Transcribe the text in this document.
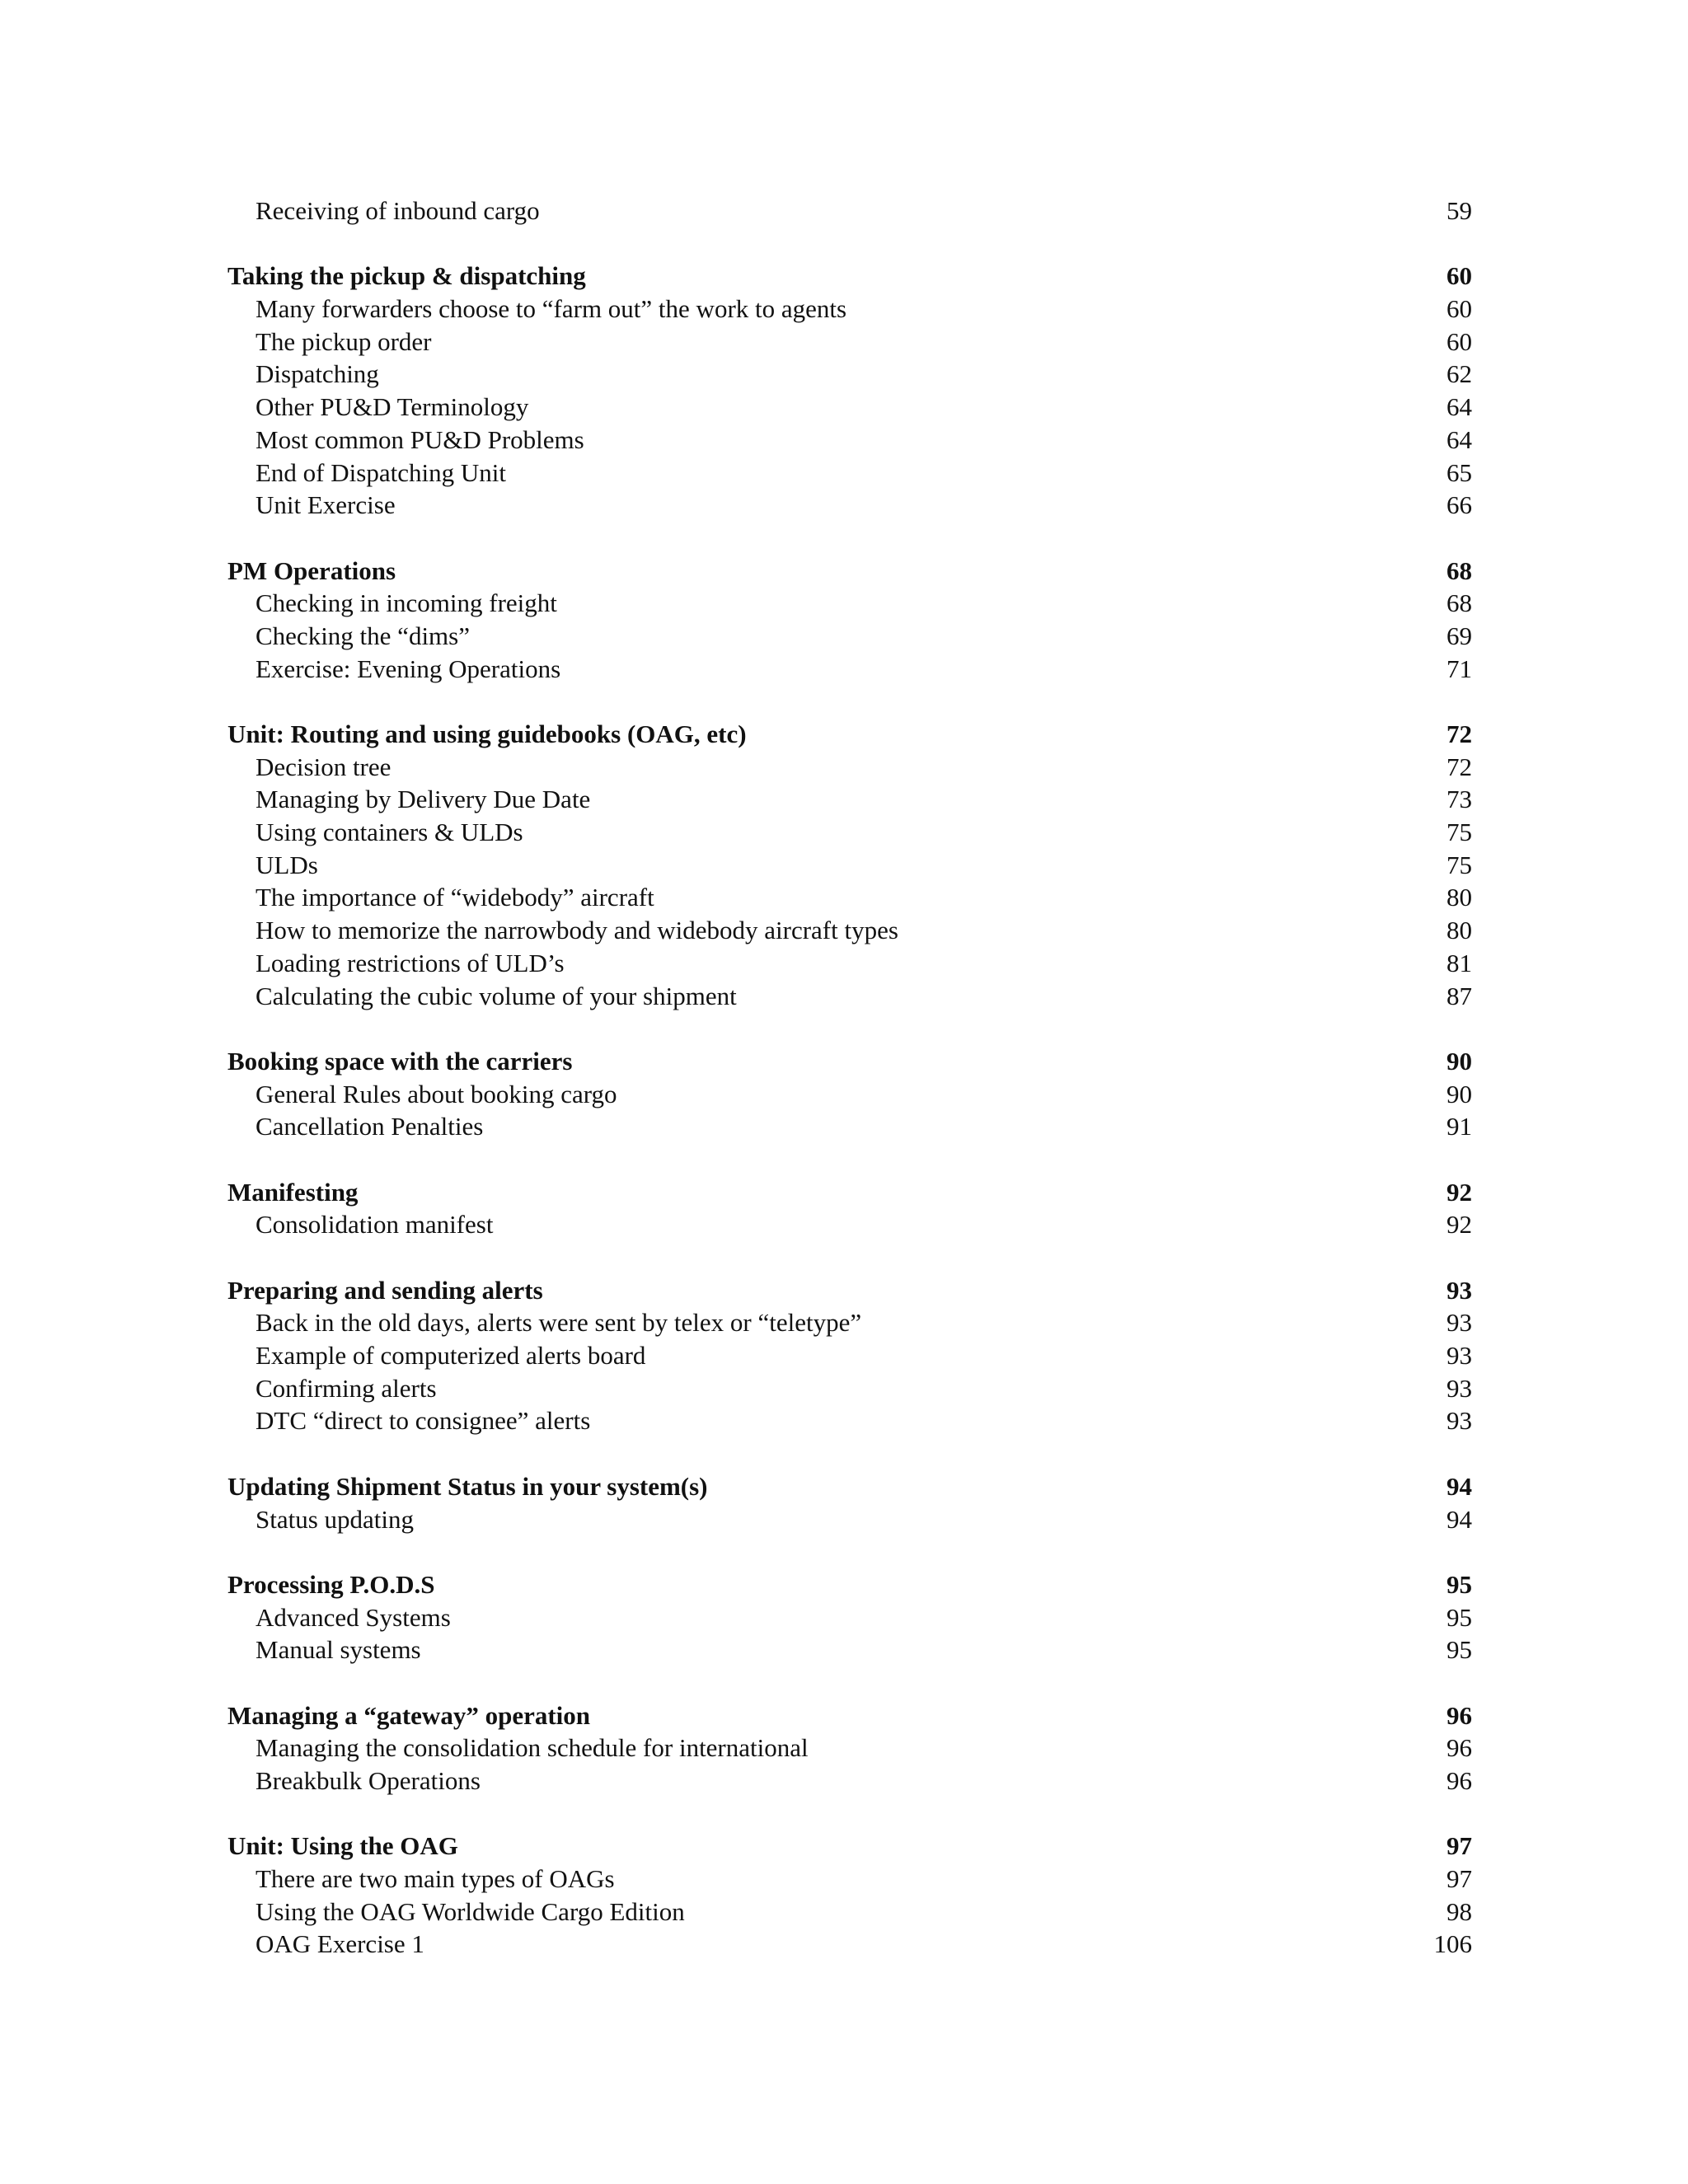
Receiving of inbound cargo	59
Taking the pickup & dispatching	60
Many forwarders choose to “farm out” the work to agents	60
The pickup order	60
Dispatching	62
Other PU&D Terminology	64
Most common PU&D Problems	64
End of Dispatching Unit	65
Unit Exercise	66
PM Operations	68
Checking in incoming freight	68
Checking the “dims”	69
Exercise: Evening Operations	71
Unit: Routing and using guidebooks (OAG, etc)	72
Decision tree	72
Managing by Delivery Due Date	73
Using containers & ULDs	75
ULDs	75
The importance of “widebody” aircraft	80
How to memorize the narrowbody and widebody aircraft types	80
Loading restrictions of ULD’s	81
Calculating the cubic volume of your shipment	87
Booking space with the carriers	90
General Rules about booking cargo	90
Cancellation Penalties	91
Manifesting	92
Consolidation manifest	92
Preparing and sending alerts	93
Back in the old days, alerts were sent by telex or “teletype”	93
Example of computerized alerts board	93
Confirming alerts	93
DTC “direct to consignee” alerts	93
Updating Shipment Status in your system(s)	94
Status updating	94
Processing P.O.D.S	95
Advanced Systems	95
Manual systems	95
Managing a “gateway” operation	96
Managing the consolidation schedule for international	96
Breakbulk Operations	96
Unit: Using the OAG	97
There are two main types of OAGs	97
Using the OAG Worldwide Cargo Edition	98
OAG Exercise 1	106
